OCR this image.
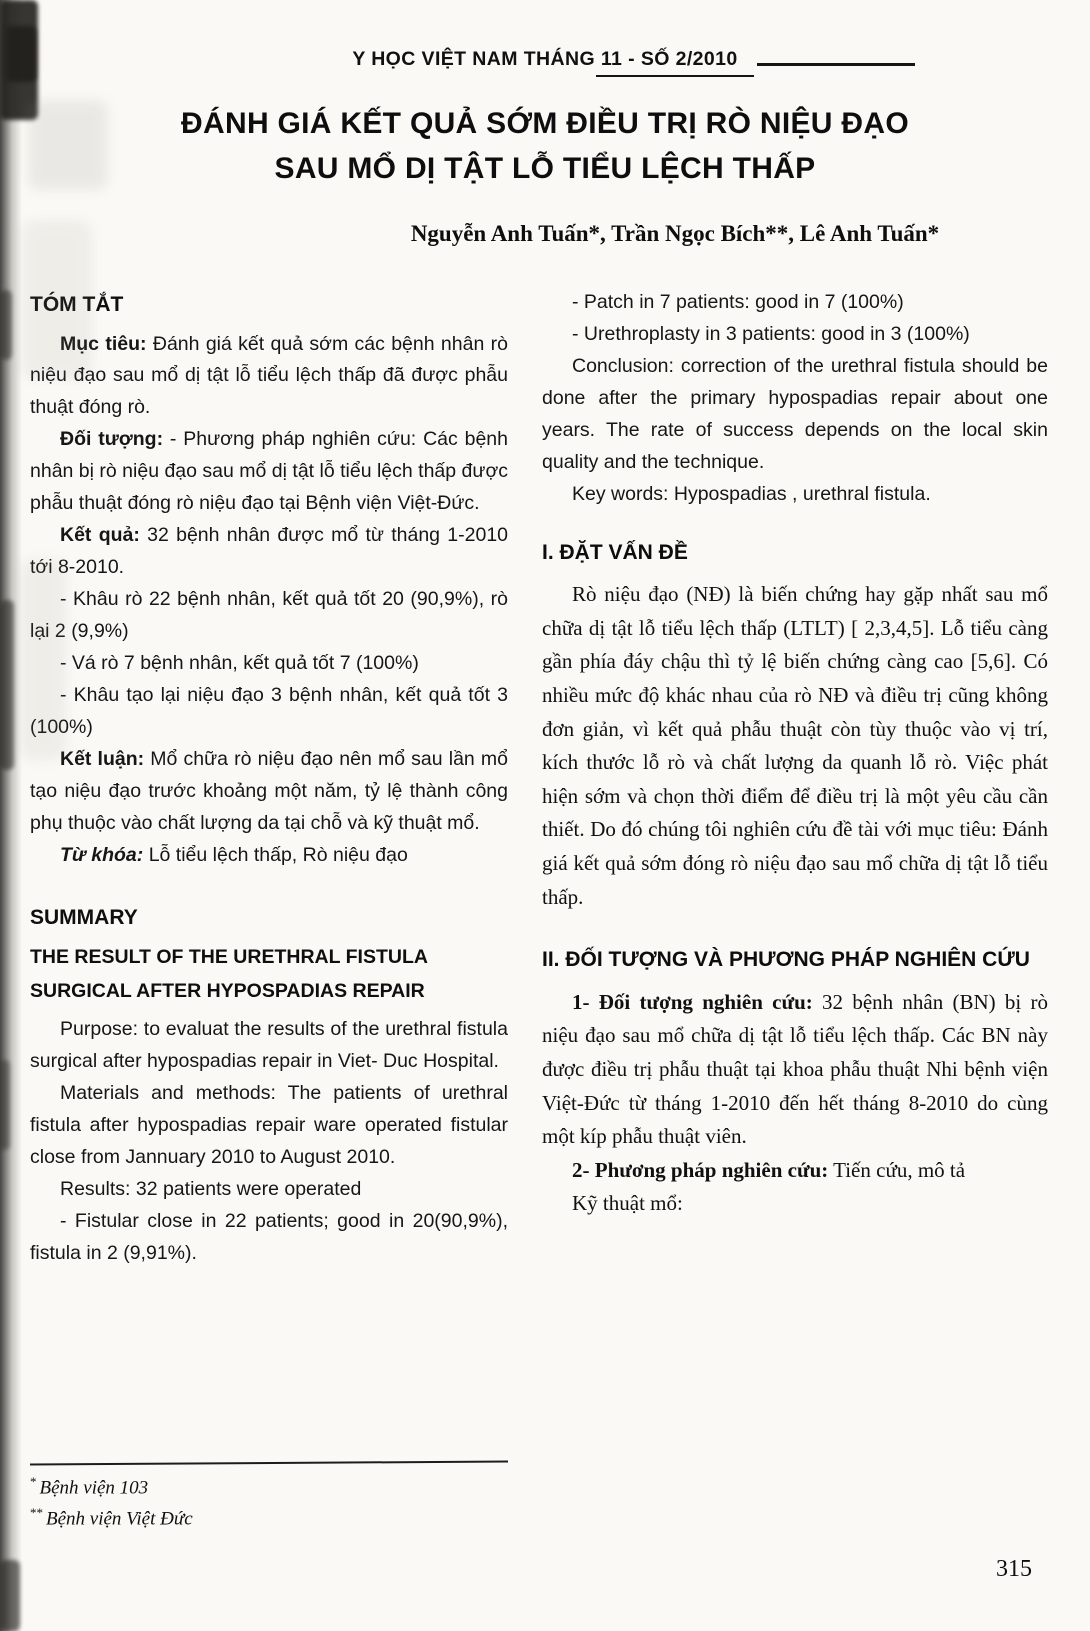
Y HỌC VIỆT NAM THÁNG 11 - SỐ 2/2010
ĐÁNH GIÁ KẾT QUẢ SỚM ĐIỀU TRỊ RÒ NIỆU ĐẠO
SAU MỔ DỊ TẬT LỖ TIỂU LỆCH THẤP
Nguyễn Anh Tuấn*, Trần Ngọc Bích**, Lê Anh Tuấn*
TÓM TẮT

Mục tiêu: Đánh giá kết quả sớm các bệnh nhân rò niệu đạo sau mổ dị tật lỗ tiểu lệch thấp đã được phẫu thuật đóng rò.

Đối tượng: - Phương pháp nghiên cứu: Các bệnh nhân bị rò niệu đạo sau mổ dị tật lỗ tiểu lệch thấp được phẫu thuật đóng rò niệu đạo tại Bệnh viện Việt-Đức.

Kết quả: 32 bệnh nhân được mổ từ tháng 1-2010 tới 8-2010.

- Khâu rò 22 bệnh nhân, kết quả tốt 20 (90,9%), rò lại 2 (9,9%)

- Vá rò 7 bệnh nhân, kết quả tốt 7 (100%)

- Khâu tạo lại niệu đạo 3 bệnh nhân, kết quả tốt 3 (100%)

Kết luận: Mổ chữa rò niệu đạo nên mổ sau lần mổ tạo niệu đạo trước khoảng một năm, tỷ lệ thành công phụ thuộc vào chất lượng da tại chỗ và kỹ thuật mổ.

Từ khóa: Lỗ tiểu lệch thấp, Rò niệu đạo

SUMMARY
THE RESULT OF THE URETHRAL FISTULA
SURGICAL AFTER HYPOSPADIAS REPAIR

Purpose: to evaluat the results of the urethral fistula surgical after hypospadias repair in Viet- Duc Hospital.

Materials and methods: The patients of urethral fistula after hypospadias repair ware operated fistular close from Jannuary 2010 to August 2010.

Results: 32 patients were operated

- Fistular close in 22 patients; good in 20(90,9%), fistula in 2 (9,91%).

- Patch in 7 patients: good in 7 (100%)

- Urethroplasty in 3 patients: good in 3 (100%)

Conclusion: correction of the urethral fistula should be done after the primary hypospadias repair about one years. The rate of success depends on the local skin quality and the technique.

Key words: Hypospadias , urethral fistula.

I. ĐẶT VẤN ĐỀ

Rò niệu đạo (NĐ) là biến chứng hay gặp nhất sau mổ chữa dị tật lỗ tiểu lệch thấp (LTLT) [ 2,3,4,5]. Lỗ tiểu càng gần phía đáy chậu thì tỷ lệ biến chứng càng cao [5,6]. Có nhiều mức độ khác nhau của rò NĐ và điều trị cũng không đơn giản, vì kết quả phẫu thuật còn tùy thuộc vào vị trí, kích thước lỗ rò và chất lượng da quanh lỗ rò. Việc phát hiện sớm và chọn thời điểm để điều trị là một yêu cầu cần thiết. Do đó chúng tôi nghiên cứu đề tài với mục tiêu: Đánh giá kết quả sớm đóng rò niệu đạo sau mổ chữa dị tật lỗ tiểu thấp.

II. ĐỐI TƯỢNG VÀ PHƯƠNG PHÁP NGHIÊN CỨU

1- Đối tượng nghiên cứu: 32 bệnh nhân (BN) bị rò niệu đạo sau mổ chữa dị tật lỗ tiểu lệch thấp. Các BN này được điều trị phẫu thuật tại khoa phẫu thuật Nhi bệnh viện Việt-Đức từ tháng 1-2010 đến hết tháng 8-2010 do cùng một kíp phẫu thuật viên.

2- Phương pháp nghiên cứu: Tiến cứu, mô tả

Kỹ thuật mổ:

* Bệnh viện 103
** Bệnh viện Việt Đức
315
